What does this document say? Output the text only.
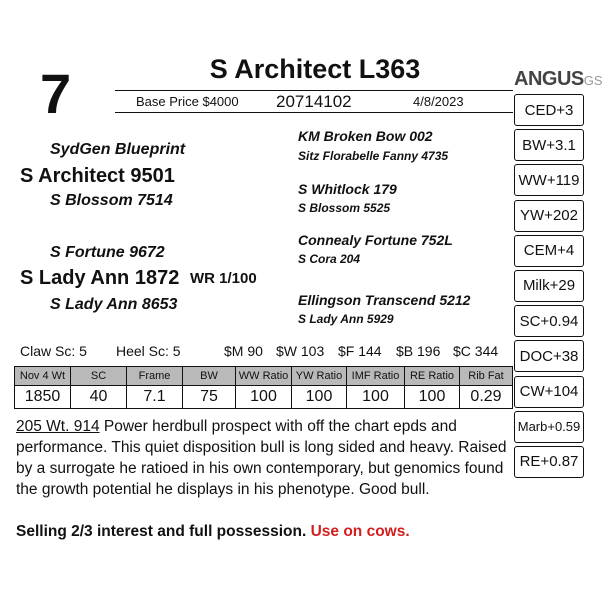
7	S Architect L363
Base Price $4000 20714102	4/8/2023
ANGUSGS
SydGen Blueprint
S Architect 9501
S Blossom 7514
S Fortune 9672
S Lady Ann 1872 WR 1/100
S Lady Ann 8653
KM Broken Bow 002
Sitz Florabelle Fanny 4735
S Whitlock 179
S Blossom 5525
Connealy Fortune 752L
S Cora 204
Ellingson Transcend 5212
S Lady Ann 5929
CED+3
BW+3.1
WW+119
YW+202
CEM+4
Milk+29
SC+0.94
DOC+38
CW+104
Marb+0.59
RE+0.87
Claw Sc: 5 Heel Sc: 5	$M 90 $W 103 $F 144 $B 196 $C 344
Nov 4 Wt	SC	Frame	BW	WW Ratio	YW Ratio	IMF Ratio	RE Ratio	Rib Fat
1850	40	7.1	75	100	100	100	100	0.29
205 Wt. 914 Power herdbull prospect with off the chart epds and performance. This quiet disposition bull is long sided and heavy. Raised by a surrogate he ratioed in his own contemporary, but genomics found the growth potential he displays in his phenotype. Good bull.
Selling 2/3 interest and full possession. Use on cows.
